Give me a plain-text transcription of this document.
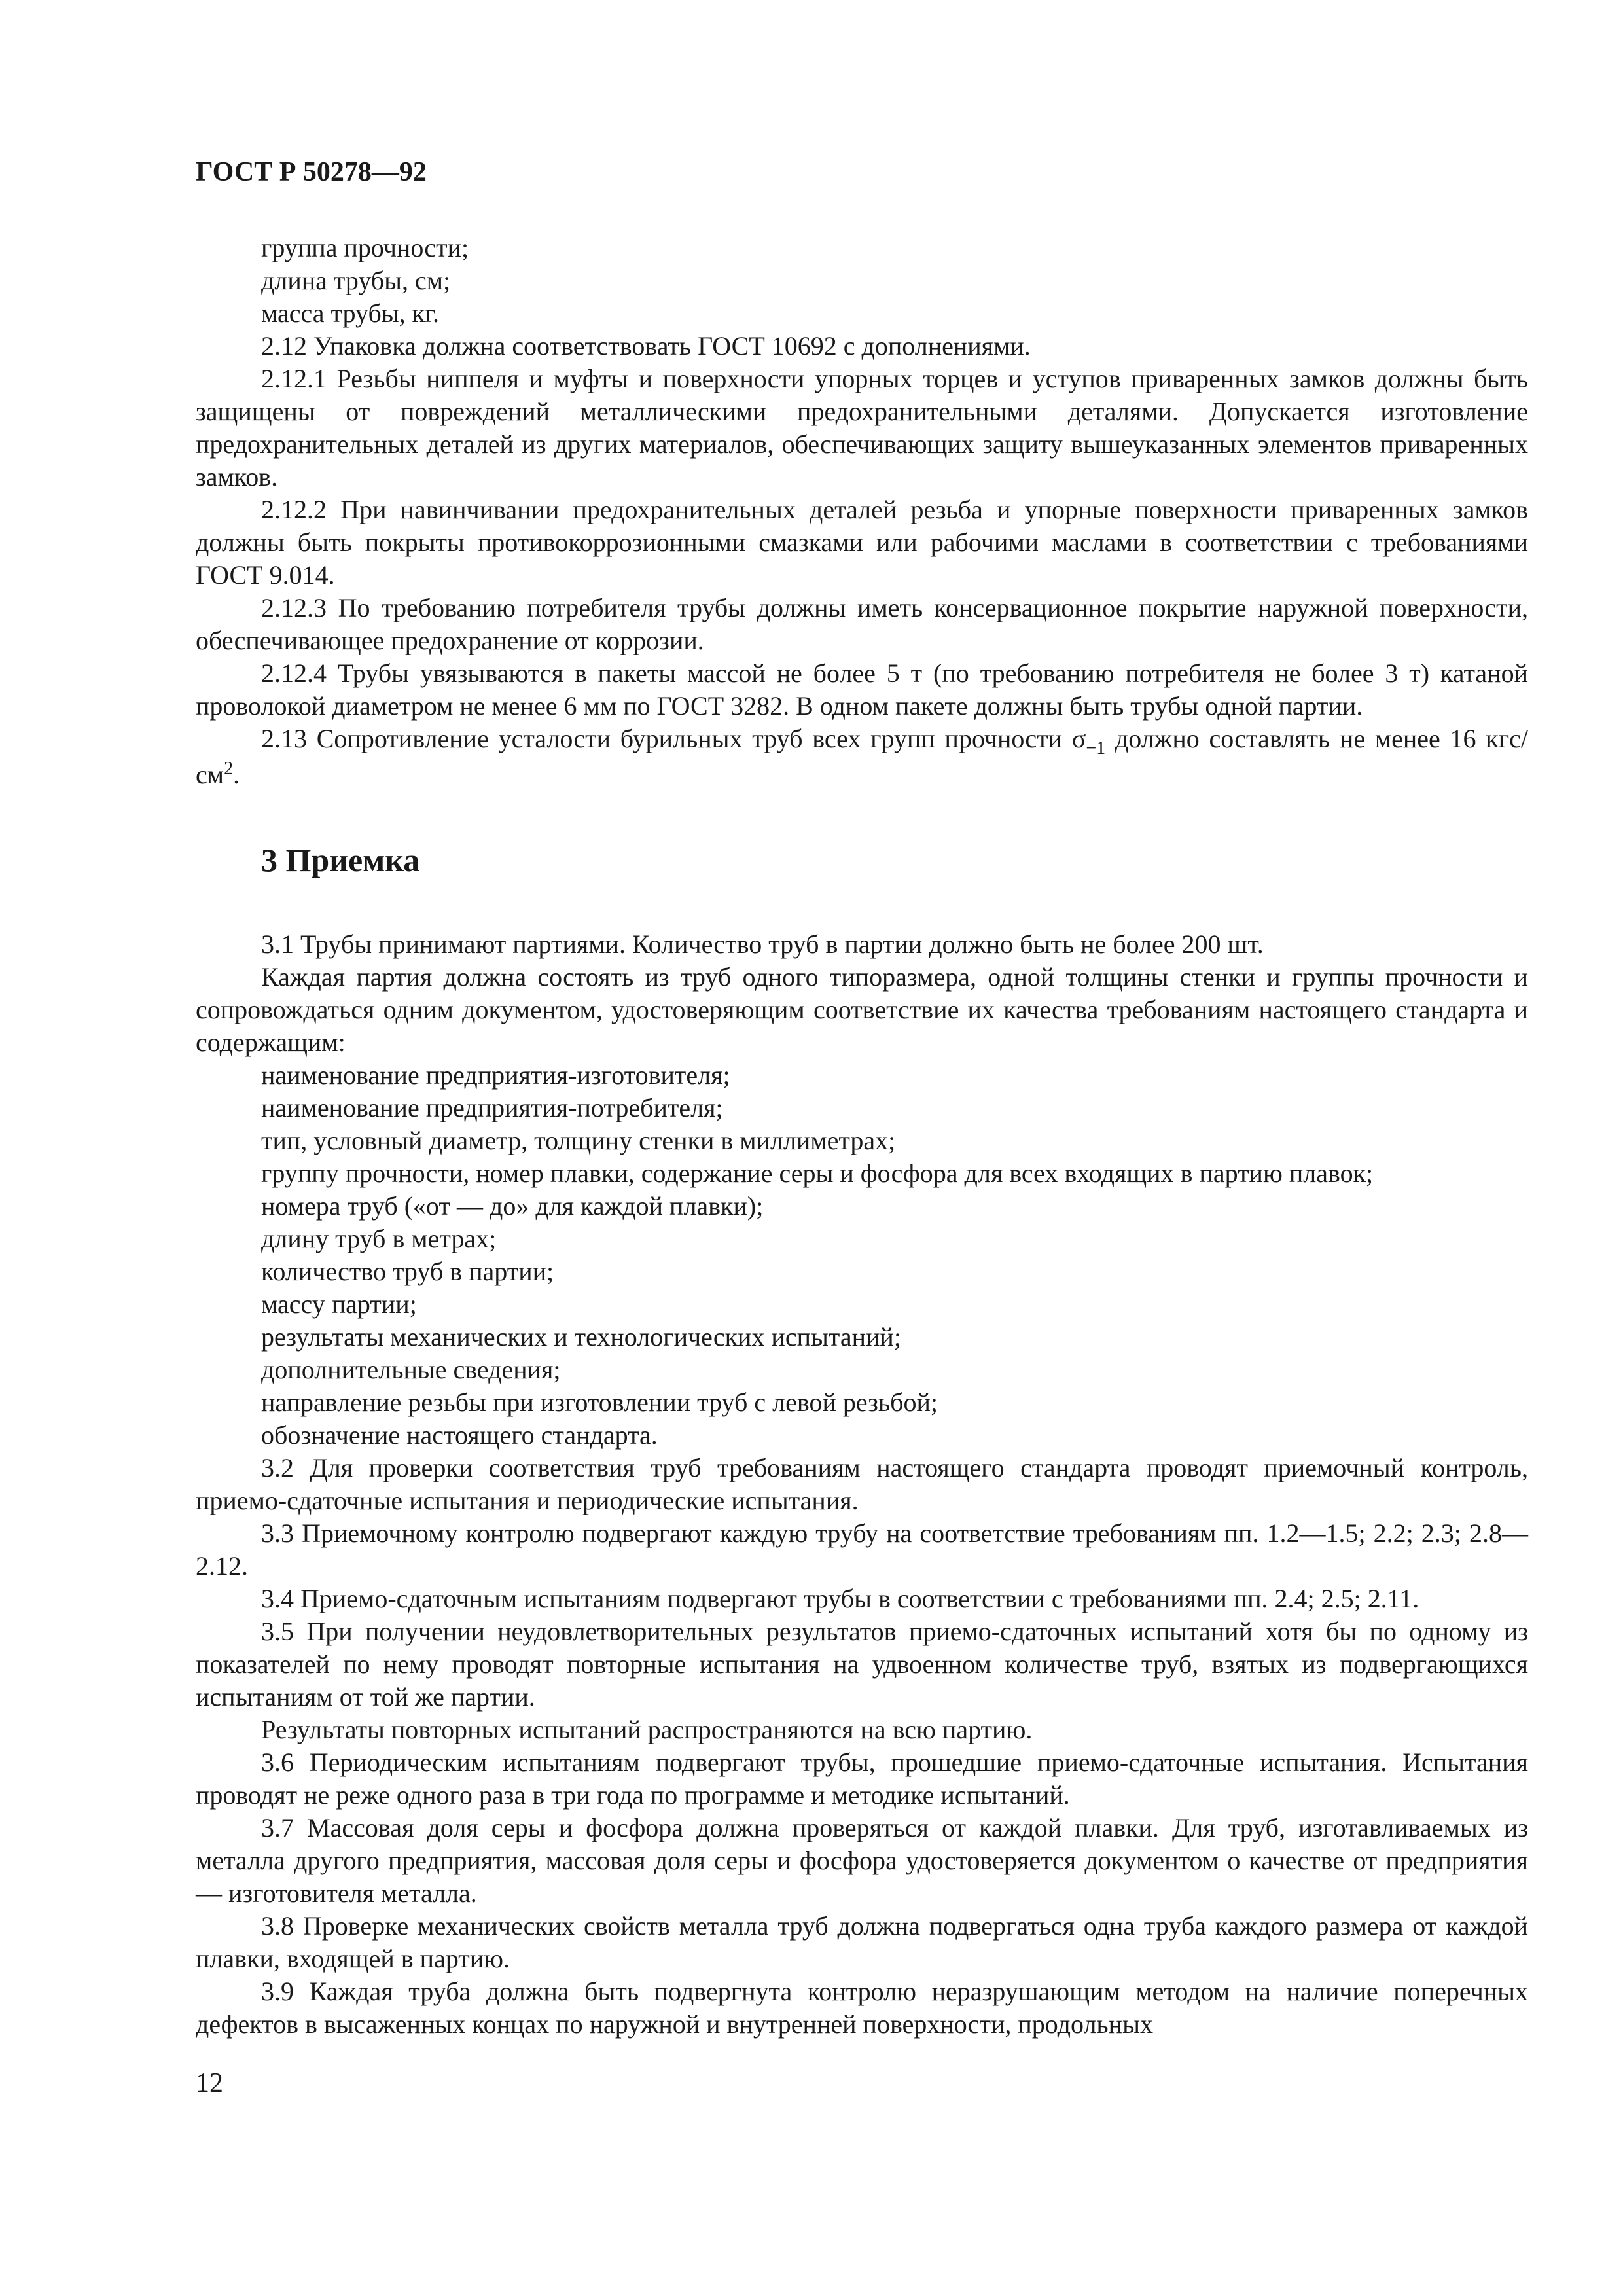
ГОСТ Р 50278—92

группа прочности;

длина трубы, см;

масса трубы, кг.

2.12 Упаковка должна соответствовать ГОСТ 10692 с дополнениями.

2.12.1 Резьбы ниппеля и муфты и поверхности упорных торцев и уступов приваренных замков должны быть защищены от повреждений металлическими предохранительными деталями. Допускается изготовление предохранительных деталей из других материалов, обеспечивающих защиту вышеуказанных элементов приваренных замков.

2.12.2 При навинчивании предохранительных деталей резьба и упорные поверхности приваренных замков должны быть покрыты противокоррозионными смазками или рабочими маслами в соответствии с требованиями ГОСТ 9.014.

2.12.3 По требованию потребителя трубы должны иметь консервационное покрытие наружной поверхности, обеспечивающее предохранение от коррозии.

2.12.4 Трубы увязываются в пакеты массой не более 5 т (по требованию потребителя не более 3 т) катаной проволокой диаметром не менее 6 мм по ГОСТ 3282. В одном пакете должны быть трубы одной партии.

2.13 Сопротивление усталости бурильных труб всех групп прочности $\sigma_{-1}$ должно составлять не менее 16 кгс/$см^2$.

3 Приемка

3.1 Трубы принимают партиями. Количество труб в партии должно быть не более 200 шт.

Каждая партия должна состоять из труб одного типоразмера, одной толщины стенки и группы прочности и сопровождаться одним документом, удостоверяющим соответствие их качества требованиям настоящего стандарта и содержащим:

наименование предприятия-изготовителя;

наименование предприятия-потребителя;

тип, условный диаметр, толщину стенки в миллиметрах;

группу прочности, номер плавки, содержание серы и фосфора для всех входящих в партию плавок;

номера труб («от — до» для каждой плавки);

длину труб в метрах;

количество труб в партии;

массу партии;

результаты механических и технологических испытаний;

дополнительные сведения;

направление резьбы при изготовлении труб с левой резьбой;

обозначение настоящего стандарта.

3.2 Для проверки соответствия труб требованиям настоящего стандарта проводят приемочный контроль, приемо-сдаточные испытания и периодические испытания.

3.3 Приемочному контролю подвергают каждую трубу на соответствие требованиям пп. 1.2—1.5; 2.2; 2.3; 2.8—2.12.

3.4 Приемо-сдаточным испытаниям подвергают трубы в соответствии с требованиями пп. 2.4; 2.5; 2.11.

3.5 При получении неудовлетворительных результатов приемо-сдаточных испытаний хотя бы по одному из показателей по нему проводят повторные испытания на удвоенном количестве труб, взятых из подвергающихся испытаниям от той же партии.

Результаты повторных испытаний распространяются на всю партию.

3.6 Периодическим испытаниям подвергают трубы, прошедшие приемо-сдаточные испытания. Испытания проводят не реже одного раза в три года по программе и методике испытаний.

3.7 Массовая доля серы и фосфора должна проверяться от каждой плавки. Для труб, изготавливаемых из металла другого предприятия, массовая доля серы и фосфора удостоверяется документом о качестве от предприятия — изготовителя металла.

3.8 Проверке механических свойств металла труб должна подвергаться одна труба каждого размера от каждой плавки, входящей в партию.

3.9 Каждая труба должна быть подвергнута контролю неразрушающим методом на наличие поперечных дефектов в высаженных концах по наружной и внутренней поверхности, продольных

12
